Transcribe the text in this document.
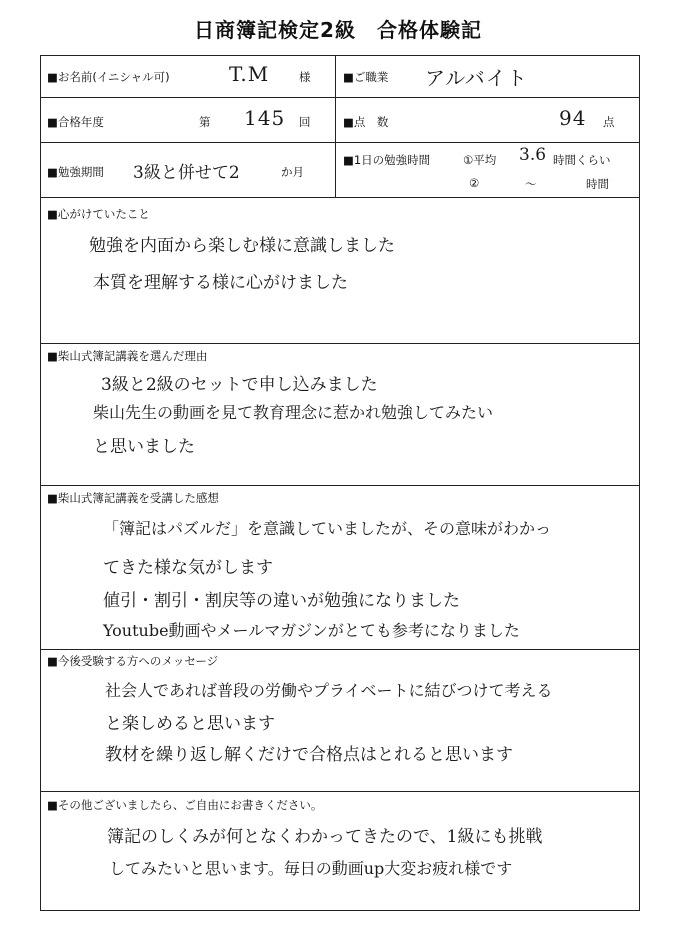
日商簿記検定2級　合格体験記
■お名前(イニシャル可)	T.M	様	■ご職業 アルバイト
■合格年度	第 145 回	■点　数	94 点
■勉強期間 3級と併せて2	か月
■1日の勉強時間	①平均 3.6 時間くらい
②	～	時間
■心がけていたこと
勉強を内面から楽しむ様に意識しました
本質を理解する様に心がけました
■柴山式簿記講義を選んだ理由
3級と2級のセットで申し込みました
柴山先生の動画を見て教育理念に惹かれ勉強してみたい
と思いました
■柴山式簿記講義を受講した感想
「簿記はパズルだ」を意識していましたが、その意味がわかっ
てきた様な気がします
値引・割引・割戻等の違いが勉強になりました
Youtube動画やメールマガジンがとても参考になりました
■今後受験する方へのメッセージ
社会人であれば普段の労働やプライベートに結びつけて考える
と楽しめると思います
教材を繰り返し解くだけで合格点はとれると思います
■その他ございましたら、ご自由にお書きください。
簿記のしくみが何となくわかってきたので、1級にも挑戦
してみたいと思います。毎日の動画up大変お疲れ様です
